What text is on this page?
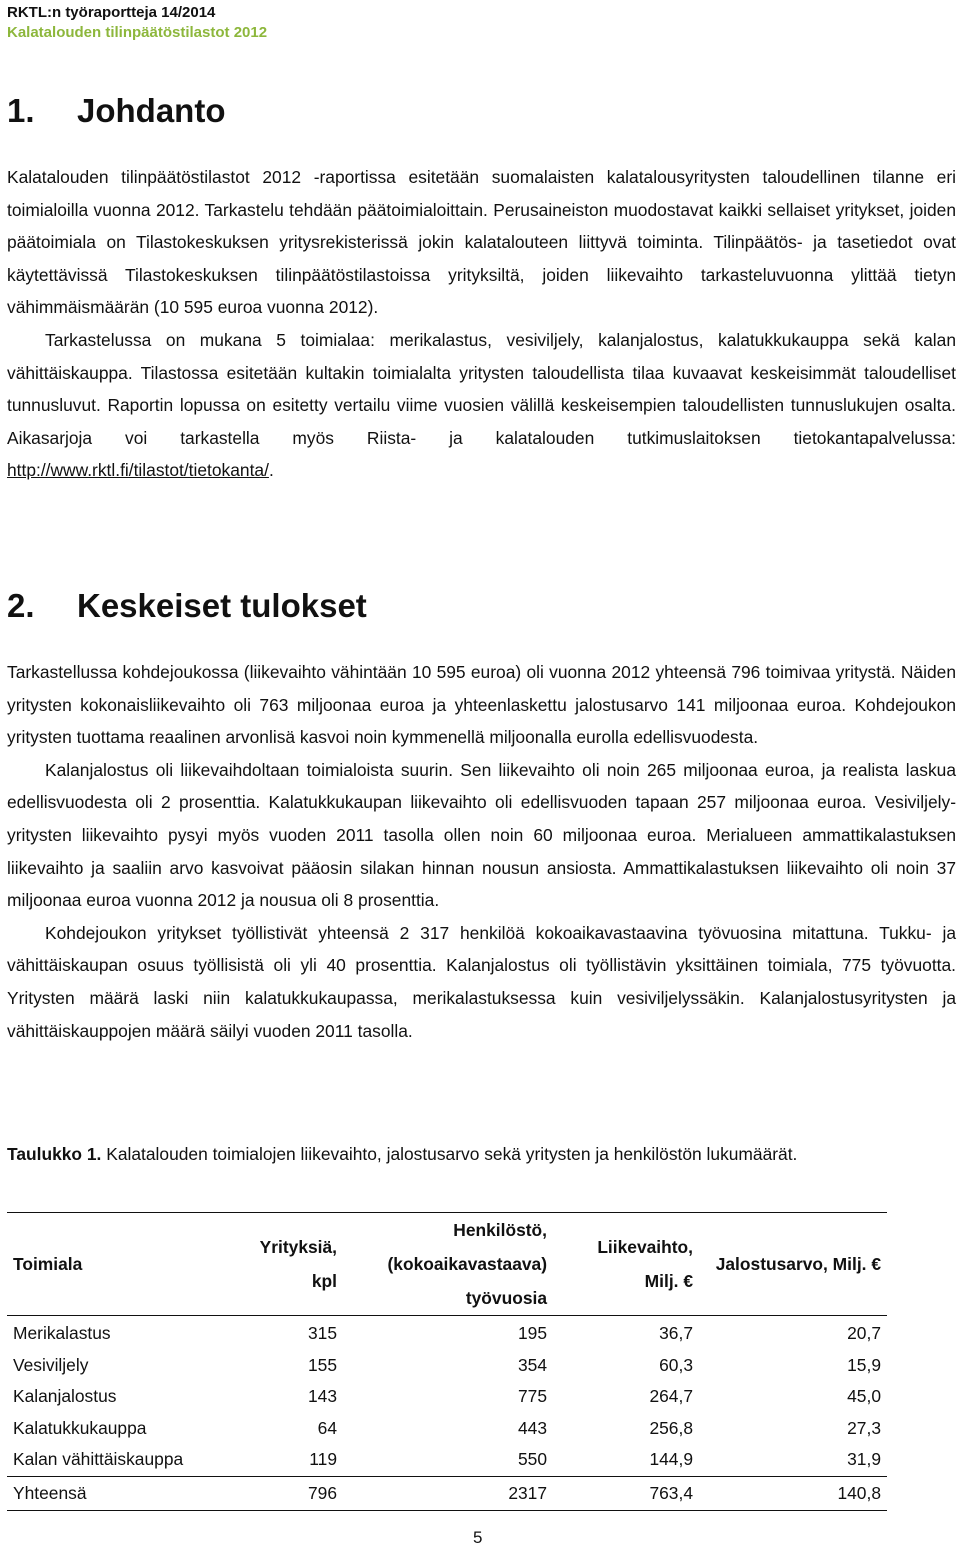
RKTL:n työraportteja 14/2014
Kalatalouden tilinpäätöstilastot 2012
1. Johdanto

Kalatalouden tilinpäätöstilastot 2012 -raportissa esitetään suomalaisten kalatalousyritysten taloudellinen tilanne eri toimialoilla vuonna 2012. Tarkastelu tehdään päätoimialoittain. Perusaineiston muodostavat kaikki sellaiset yritykset, joiden päätoimiala on Tilastokeskuksen yritysrekisterissä jokin kalatalouteen liittyvä toiminta. Tilinpäätös- ja tasetiedot ovat käytettävissä Tilastokeskuksen tilinpäätöstilastoissa yrityksiltä, joiden liikevaihto tarkasteluvuonna ylittää tietyn vähimmäismäärän (10 595 euroa vuonna 2012).

Tarkastelussa on mukana 5 toimialaa: merikalastus, vesiviljely, kalanjalostus, kalatukkukauppa sekä kalan vähittäiskauppa. Tilastossa esitetään kultakin toimialalta yritysten taloudellista tilaa kuvaavat keskeisimmät taloudelliset tunnusluvut. Raportin lopussa on esitetty vertailu viime vuosien välillä keskeisempien taloudellisten tunnuslukujen osalta. Aikasarjoja voi tarkastella myös Riista- ja kalatalouden tutkimuslaitoksen tietokantapalvelussa: http://www.rktl.fi/tilastot/tietokanta/.

2. Keskeiset tulokset

Tarkastellussa kohdejoukossa (liikevaihto vähintään 10 595 euroa) oli vuonna 2012 yhteensä 796 toimivaa yritystä. Näiden yritysten kokonaisliikevaihto oli 763 miljoonaa euroa ja yhteenlaskettu jalostusarvo 141 miljoonaa euroa. Kohdejoukon yritysten tuottama reaalinen arvonlisä kasvoi noin kymmenellä miljoonalla eurolla edellisvuodesta.

Kalanjalostus oli liikevaihdoltaan toimialoista suurin. Sen liikevaihto oli noin 265 miljoonaa euroa, ja realista laskua edellisvuodesta oli 2 prosenttia. Kalatukkukaupan liikevaihto oli edellisvuoden tapaan 257 miljoonaa euroa. Vesiviljely-yritysten liikevaihto pysyi myös vuoden 2011 tasolla ollen noin 60 miljoonaa euroa. Merialueen ammattikalastuksen liikevaihto ja saaliin arvo kasvoivat pääosin silakan hinnan nousun ansiosta. Ammattikalastuksen liikevaihto oli noin 37 miljoonaa euroa vuonna 2012 ja nousua oli 8 prosenttia.

Kohdejoukon yritykset työllistivät yhteensä 2 317 henkilöä kokoaikavastaavina työvuosina mitattuna. Tukku- ja vähittäiskaupan osuus työllisistä oli yli 40 prosenttia. Kalanjalostus oli työllistävin yksittäinen toimiala, 775 työvuotta. Yritysten määrä laski niin kalatukkukaupassa, merikalastuksessa kuin vesiviljelyssäkin. Kalanjalostusyritysten ja vähittäiskauppojen määrä säilyi vuoden 2011 tasolla.

Taulukko 1. Kalatalouden toimialojen liikevaihto, jalostusarvo sekä yritysten ja henkilöstön lukumäärät.
Toimiala	Yrityksiä, kpl	Henkilöstö, (kokoaikavastaava) työvuosia	Liikevaihto, Milj. €	Jalostusarvo, Milj. €
Merikalastus	315	195	36,7	20,7
Vesiviljely	155	354	60,3	15,9
Kalanjalostus	143	775	264,7	45,0
Kalatukkukauppa	64	443	256,8	27,3
Kalan vähittäiskauppa	119	550	144,9	31,9
Yhteensä	796	2317	763,4	140,8
5
